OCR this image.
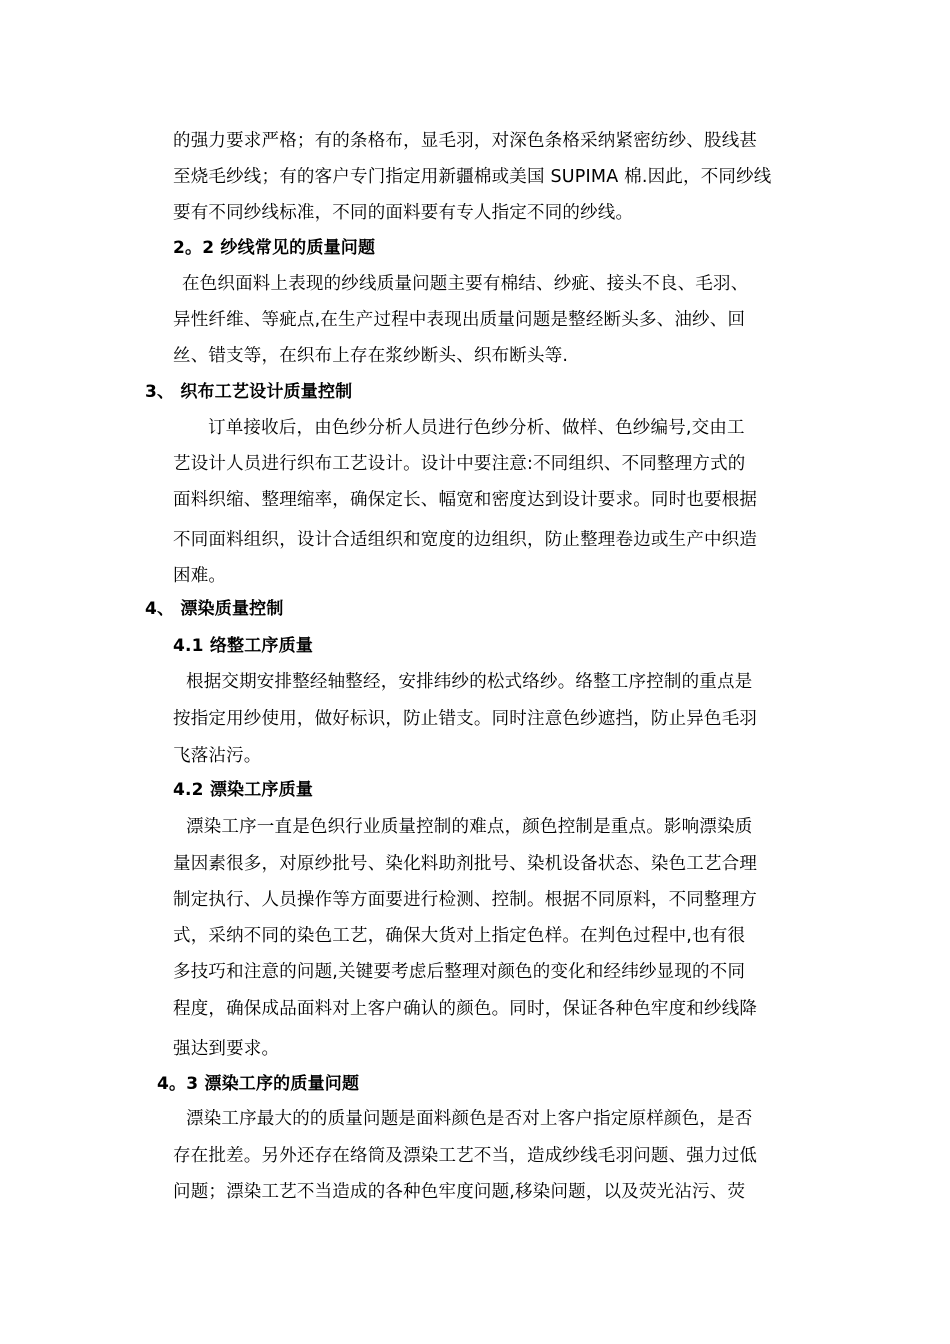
的强力要求严格；有的条格布，显毛羽，对深色条格采纳紧密纺纱、股线甚
至烧毛纱线；有的客户专门指定用新疆棉或美国 SUPIMA 棉.因此，不同纱线
要有不同纱线标准，不同的面料要有专人指定不同的纱线。
2。2 纱线常见的质量问题
在色织面料上表现的纱线质量问题主要有棉结、纱疵、接头不良、毛羽、
异性纤维、等疵点,在生产过程中表现出质量问题是整经断头多、油纱、回
丝、错支等，在织布上存在浆纱断头、织布断头等.
3、 织布工艺设计质量控制
订单接收后，由色纱分析人员进行色纱分析、做样、色纱编号,交由工
艺设计人员进行织布工艺设计。设计中要注意:不同组织、不同整理方式的
面料织缩、整理缩率，确保定长、幅宽和密度达到设计要求。同时也要根据
不同面料组织，设计合适组织和宽度的边组织，防止整理卷边或生产中织造
困难。
4、 漂染质量控制
4.1 络整工序质量
根据交期安排整经轴整经，安排纬纱的松式络纱。络整工序控制的重点是
按指定用纱使用，做好标识，防止错支。同时注意色纱遮挡，防止异色毛羽
飞落沾污。
4.2 漂染工序质量
漂染工序一直是色织行业质量控制的难点，颜色控制是重点。影响漂染质
量因素很多，对原纱批号、染化料助剂批号、染机设备状态、染色工艺合理
制定执行、人员操作等方面要进行检测、控制。根据不同原料，不同整理方
式，采纳不同的染色工艺，确保大货对上指定色样。在判色过程中,也有很
多技巧和注意的问题,关键要考虑后整理对颜色的变化和经纬纱显现的不同
程度，确保成品面料对上客户确认的颜色。同时，保证各种色牢度和纱线降
强达到要求。
4。3 漂染工序的质量问题
漂染工序最大的的质量问题是面料颜色是否对上客户指定原样颜色，是否
存在批差。另外还存在络筒及漂染工艺不当，造成纱线毛羽问题、强力过低
问题；漂染工艺不当造成的各种色牢度问题,移染问题，以及荧光沾污、荧
